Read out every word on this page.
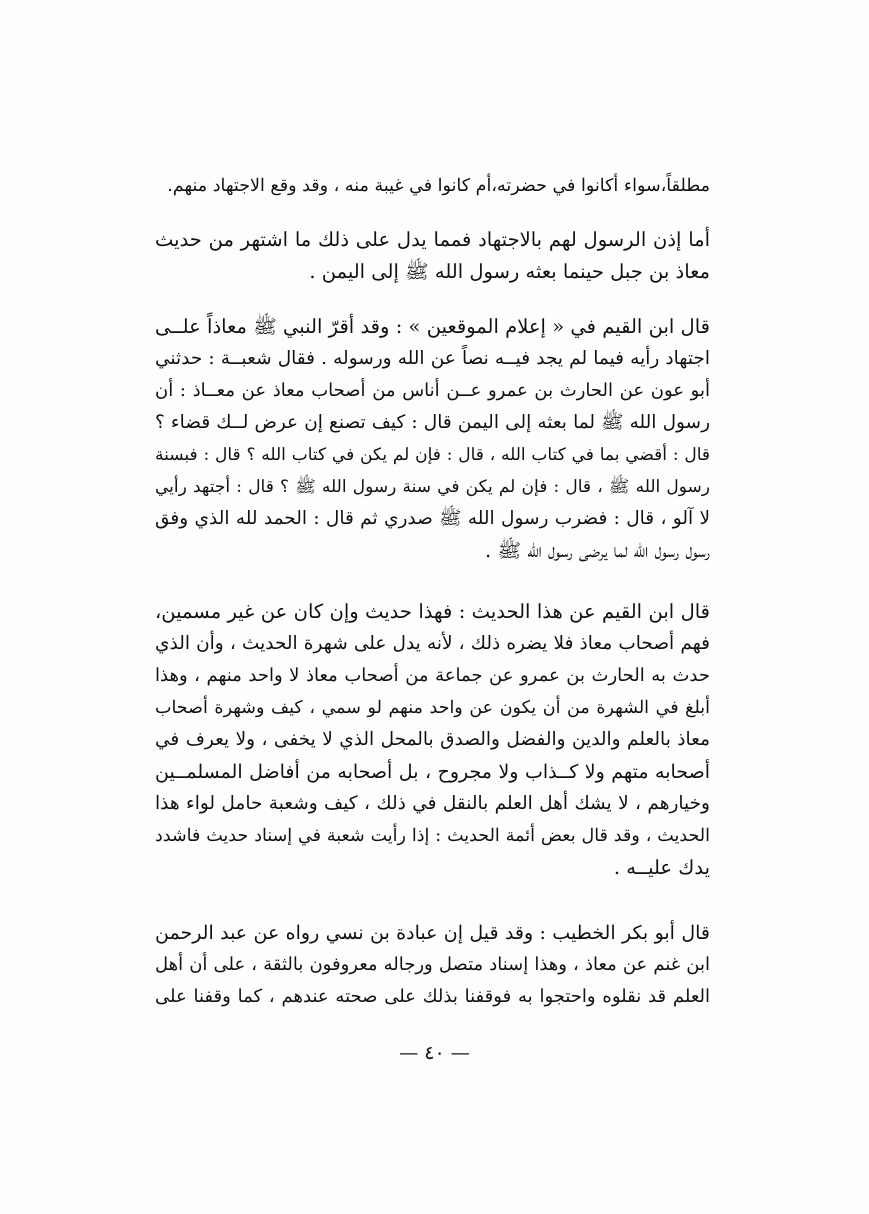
مطلقاً،سواء أكانوا في حضرته،أم كانوا في غيبة منه ، وقد وقع الاجتهاد منهم.
أما إذن الرسول لهم بالاجتهاد فمما يدل على ذلك ما اشتهر من حديث
معاذ بن جبل حينما بعثه رسول الله ﷺ إلى اليمن .
قال ابن القيم في « إعلام الموقعين » : وقد أقرّ النبي ﷺ معاذاً علــى
اجتهاد رأيه فيما لم يجد فيــه نصاً عن الله ورسوله . فقال شعبــة : حدثني
أبو عون عن الحارث بن عمرو عــن أناس من أصحاب معاذ عن معــاذ : أن
رسول الله ﷺ لما بعثه إلى اليمن قال : كيف تصنع إن عرض لــك قضاء ؟
قال : أقضي بما في كتاب الله ، قال : فإن لم يكن في كتاب الله ؟ قال : فبسنة
رسول الله ﷺ ، قال : فإن لم يكن في سنة رسول الله ﷺ ؟ قال : أجتهد رأيي
لا آلو ، قال : فضرب رسول الله ﷺ صدري ثم قال : الحمد لله الذي وفق
رسول رسول الله لما يرضى رسول الله ﷺ .
قال ابن القيم عن هذا الحديث : فهذا حديث وإن كان عن غير مسمين،
فهم أصحاب معاذ فلا يضره ذلك ، لأنه يدل على شهرة الحديث ، وأن الذي
حدث به الحارث بن عمرو عن جماعة من أصحاب معاذ لا واحد منهم ، وهذا
أبلغ في الشهرة من أن يكون عن واحد منهم لو سمي ، كيف وشهرة أصحاب
معاذ بالعلم والدين والفضل والصدق بالمحل الذي لا يخفى ، ولا يعرف في
أصحابه متهم ولا كــذاب ولا مجروح ، بل أصحابه من أفاضل المسلمــين
وخيارهم ، لا يشك أهل العلم بالنقل في ذلك ، كيف وشعبة حامل لواء هذا
الحديث ، وقد قال بعض أئمة الحديث : إذا رأيت شعبة في إسناد حديث فاشدد
يدك عليــه .
قال أبو بكر الخطيب : وقد قيل إن عبادة بن نسي رواه عن عبد الرحمن
ابن غنم عن معاذ ، وهذا إسناد متصل ورجاله معروفون بالثقة ، على أن أهل
العلم قد نقلوه واحتجوا به فوقفنا بذلك على صحته عندهم ، كما وقفنا على
— ٤٠ —
